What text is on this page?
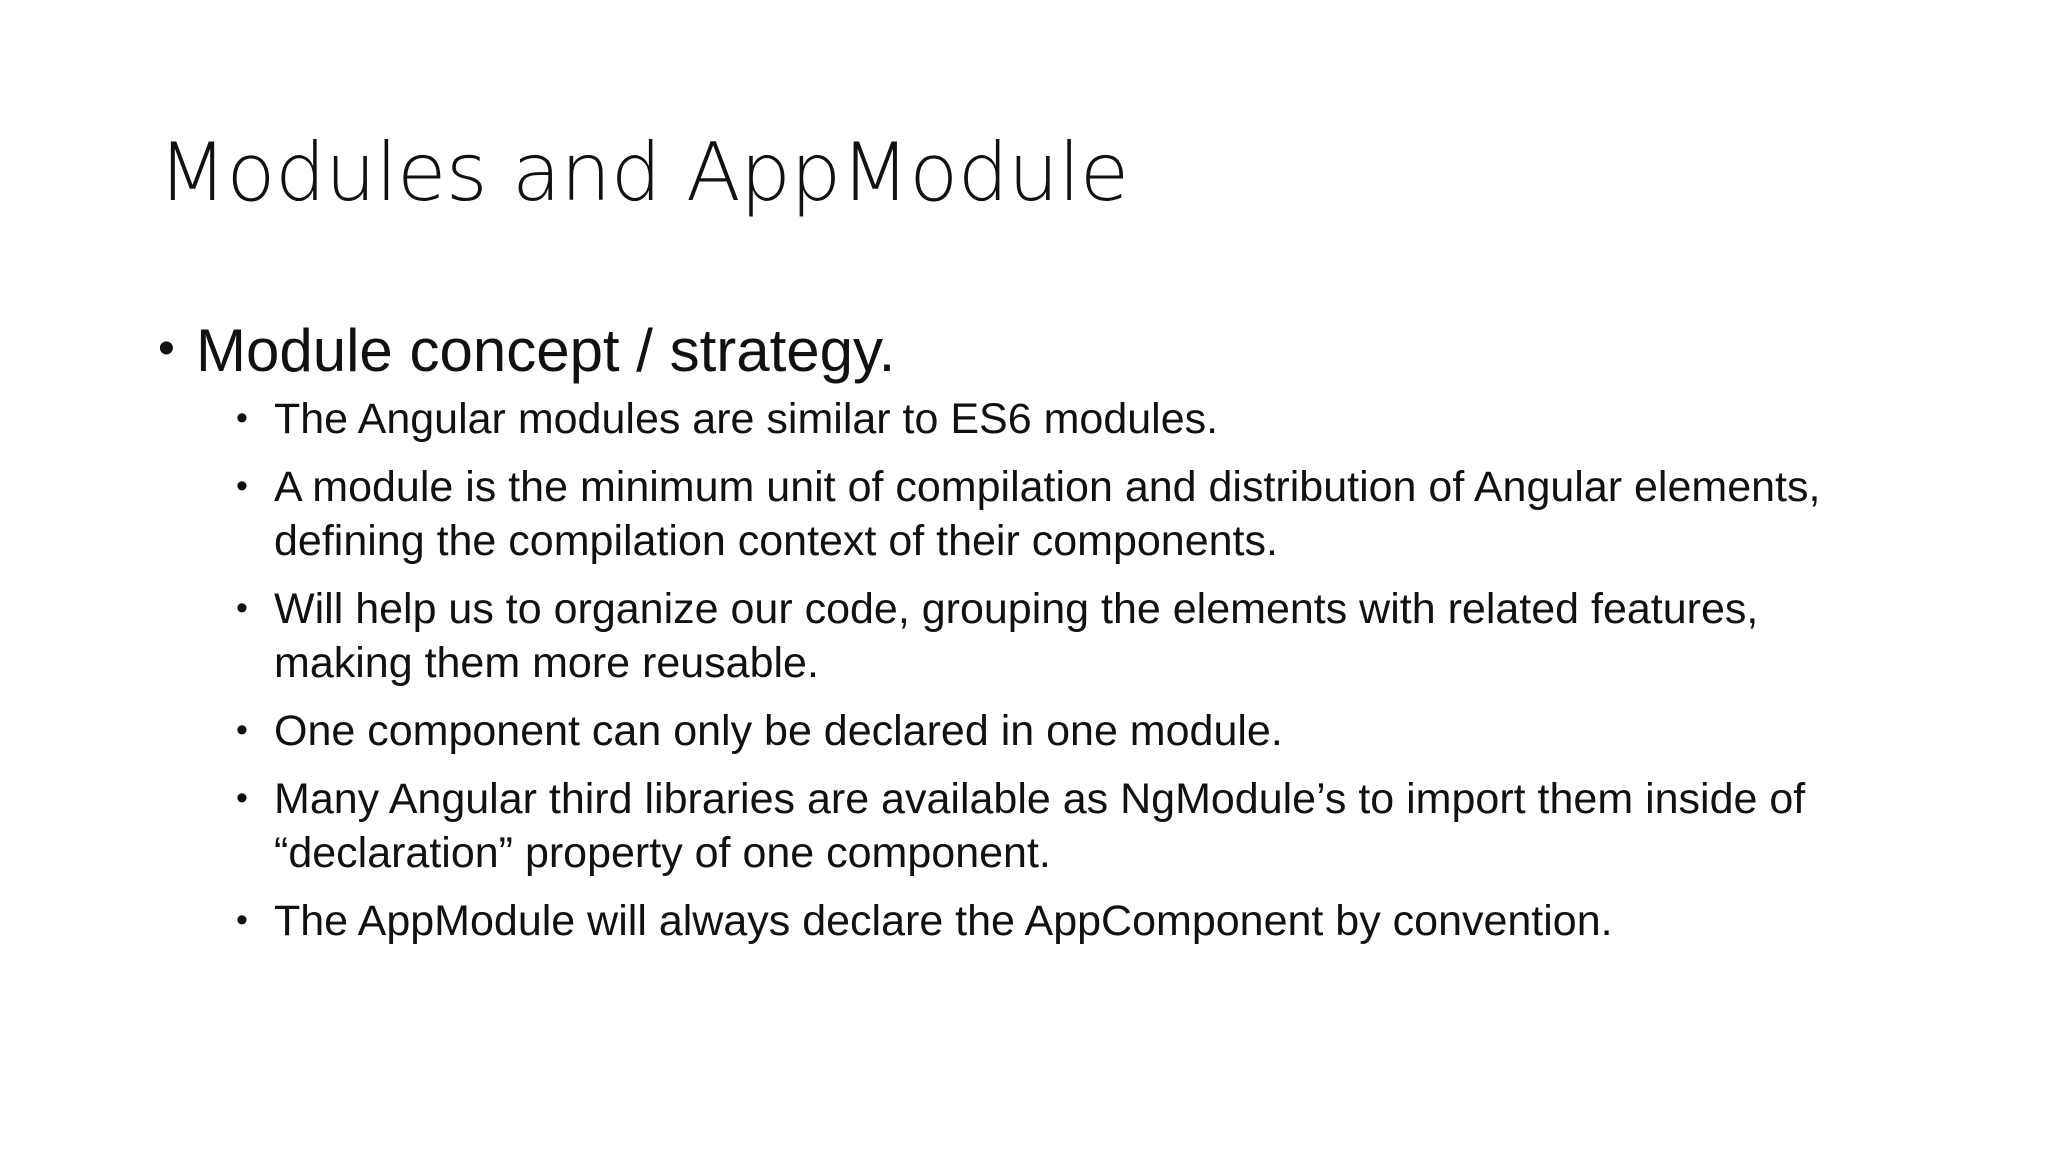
Modules and AppModule
• Module concept / strategy.
• The Angular modules are similar to ES6 modules.
• A module is the minimum unit of compilation and distribution of Angular elements, defining the compilation context of their components.
• Will help us to organize our code, grouping the elements with related features, making them more reusable.
• One component can only be declared in one module.
• Many Angular third libraries are available as NgModule’s to import them inside of “declaration” property of one component.
• The AppModule will always declare the AppComponent by convention.
